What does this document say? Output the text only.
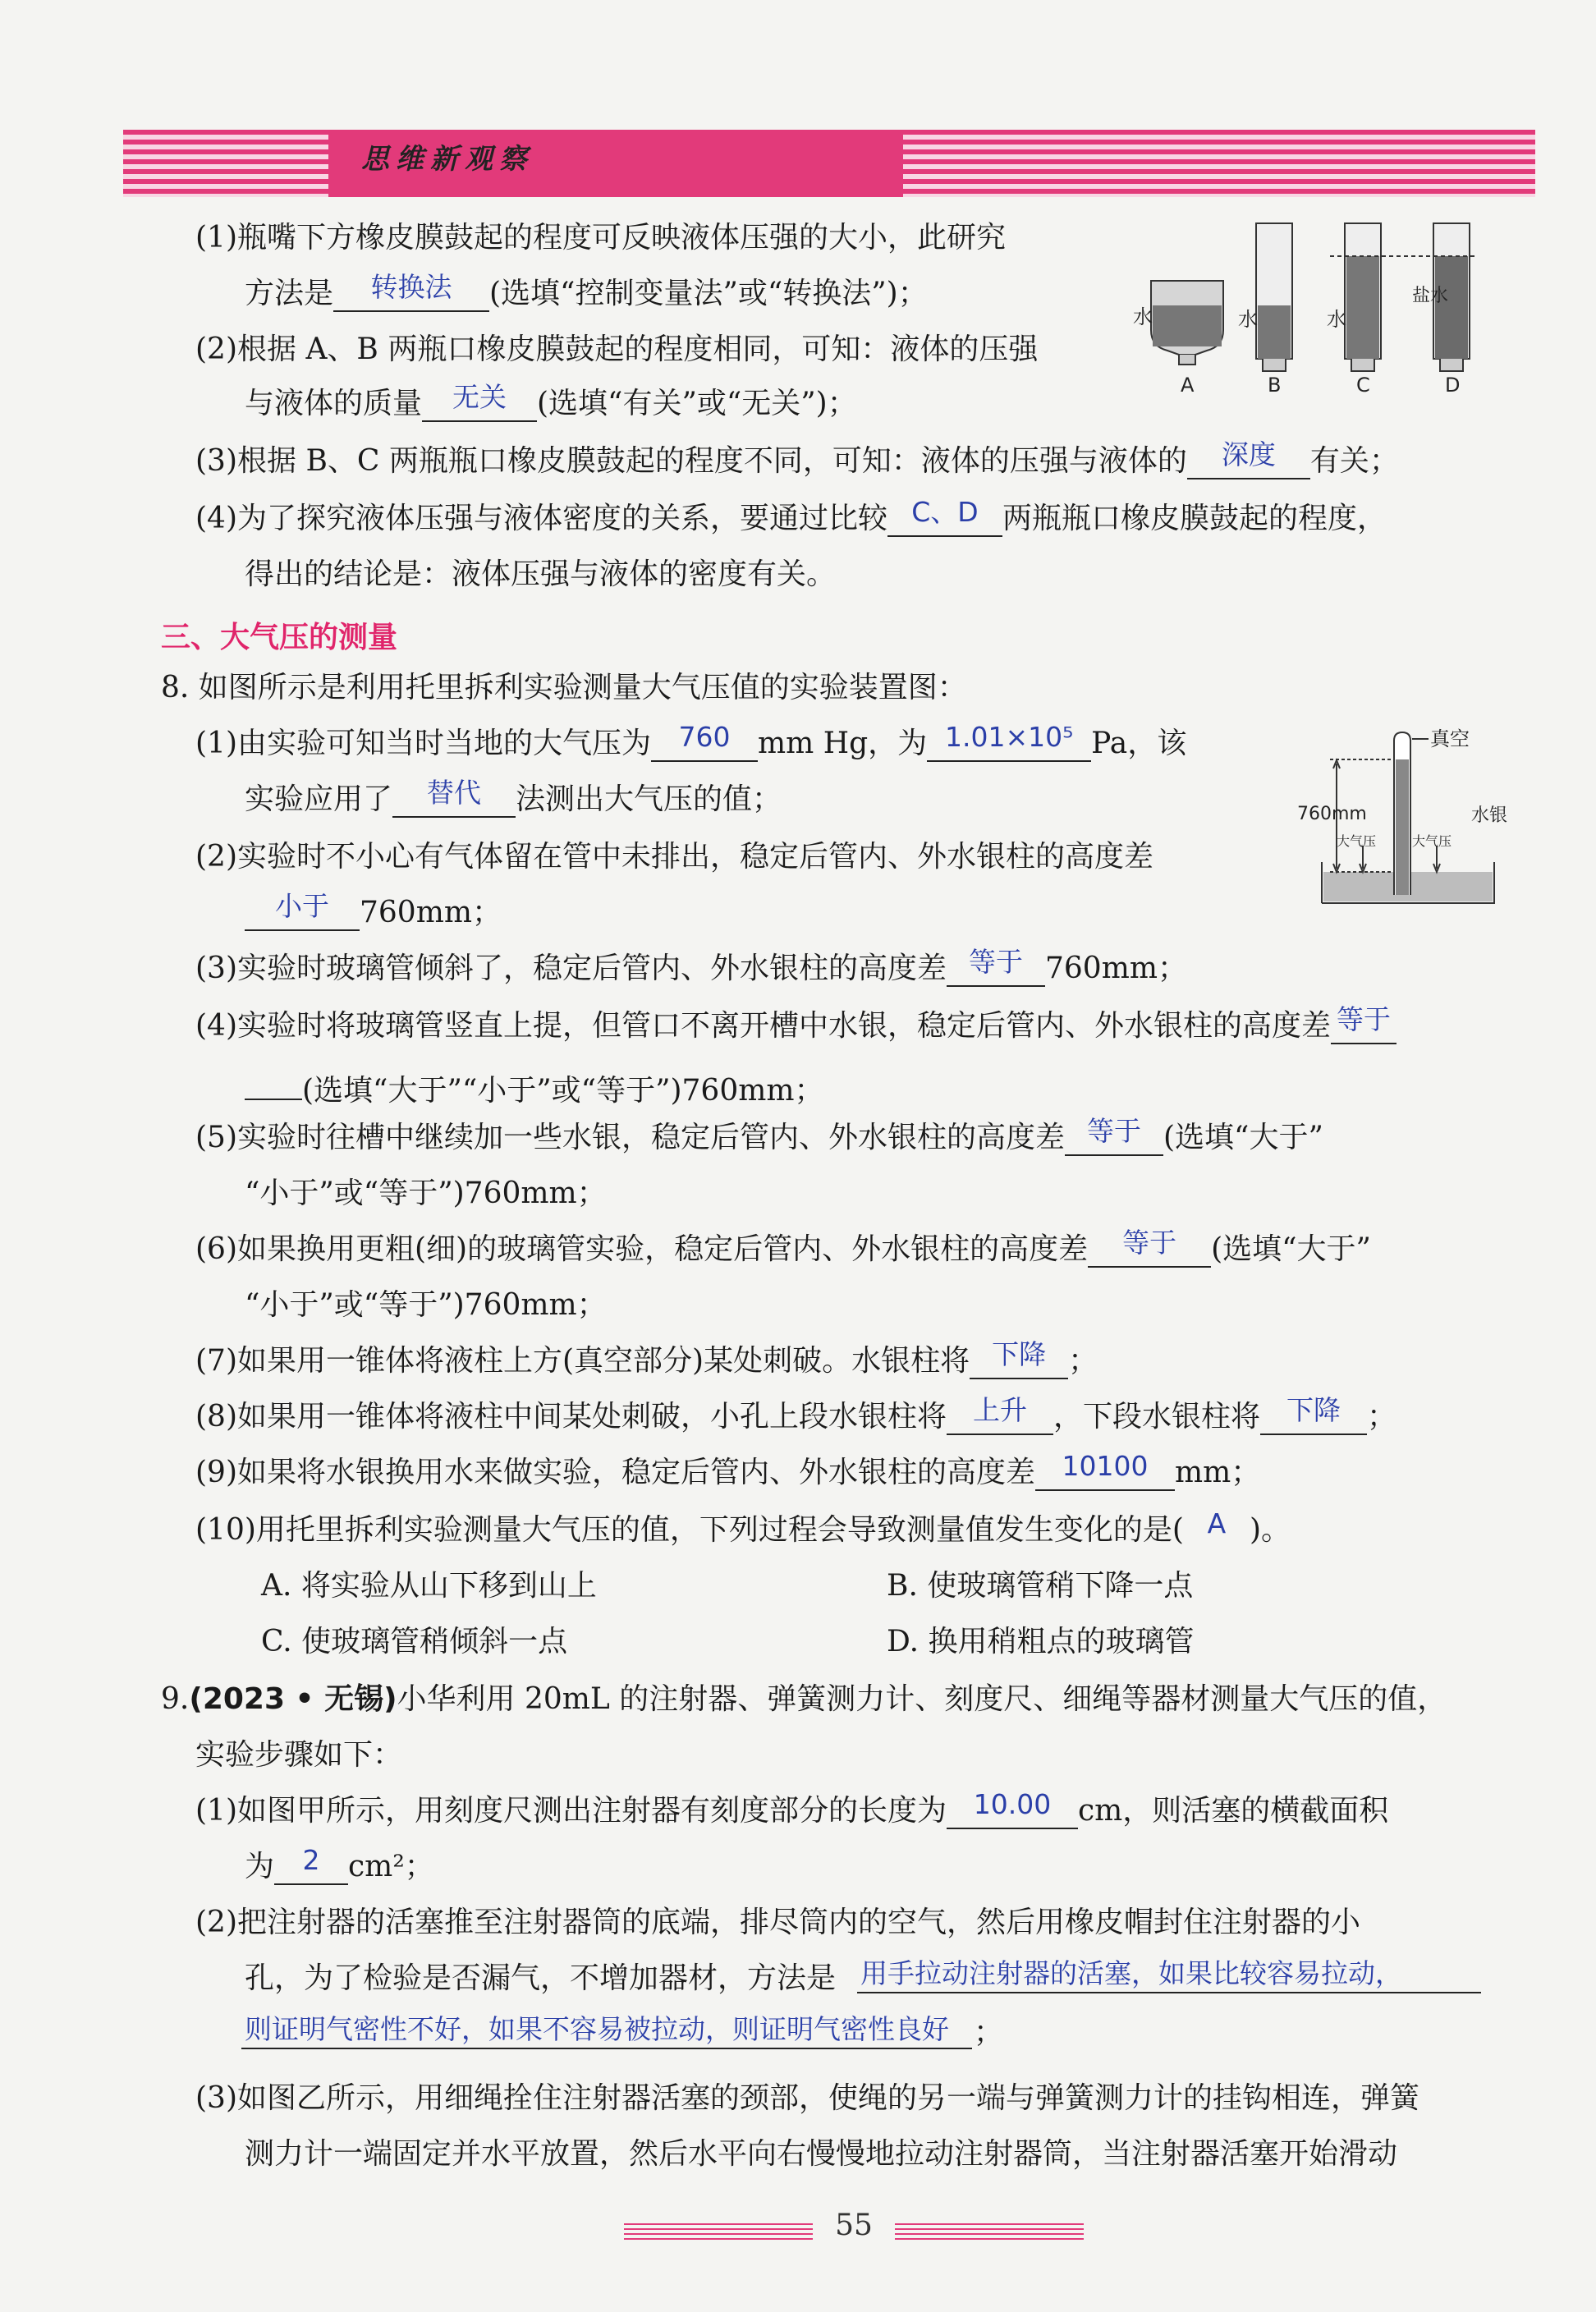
思维新观察
(1)瓶嘴下方橡皮膜鼓起的程度可反映液体压强的大小，此研究
方法是 转换法 (选填“控制变量法”或“转换法”)；
(2)根据 A、B 两瓶口橡皮膜鼓起的程度相同，可知：液体的压强
与液体的质量 无关 (选填“有关”或“无关”)；
(3)根据 B、C 两瓶瓶口橡皮膜鼓起的程度不同，可知：液体的压强与液体的 深度 有关；
(4)为了探究液体压强与液体密度的关系，要通过比较 C、D 两瓶瓶口橡皮膜鼓起的程度，
得出的结论是：液体压强与液体的密度有关。
A	B	C	D
水	水	水
盐水
三、大气压的测量
8. 如图所示是利用托里拆利实验测量大气压值的实验装置图：
(1)由实验可知当时当地的大气压为 760 mm Hg，为 1.01×10⁵ Pa，该
实验应用了 替代 法测出大气压的值；
(2)实验时不小心有气体留在管中未排出，稳定后管内、外水银柱的高度差
小于 760mm；
(3)实验时玻璃管倾斜了，稳定后管内、外水银柱的高度差 等于 760mm；
(4)实验时将玻璃管竖直上提，但管口不离开槽中水银，稳定后管内、外水银柱的高度差 等于
(选填“大于”“小于”或“等于”)760mm；
(5)实验时往槽中继续加一些水银，稳定后管内、外水银柱的高度差 等于 (选填“大于”
“小于”或“等于”)760mm；
(6)如果换用更粗(细)的玻璃管实验，稳定后管内、外水银柱的高度差 等于 (选填“大于”
“小于”或“等于”)760mm；
(7)如果用一锥体将液柱上方(真空部分)某处刺破。水银柱将 下降 ；
(8)如果用一锥体将液柱中间某处刺破，小孔上段水银柱将 上升 ，下段水银柱将 下降 ；
(9)如果将水银换用水来做实验，稳定后管内、外水银柱的高度差 10100 mm；
(10)用托里拆利实验测量大气压的值，下列过程会导致测量值发生变化的是( A )。
A. 将实验从山下移到山上	B. 使玻璃管稍下降一点
C. 使玻璃管稍倾斜一点	D. 换用稍粗点的玻璃管
真空
760mm
大气压	大气压
水银
9.(2023 • 无锡)小华利用 20mL 的注射器、弹簧测力计、刻度尺、细绳等器材测量大气压的值，
实验步骤如下：
(1)如图甲所示，用刻度尺测出注射器有刻度部分的长度为 10.00 cm，则活塞的横截面积
为 2 cm²；
(2)把注射器的活塞推至注射器筒的底端，排尽筒内的空气，然后用橡皮帽封住注射器的小
孔，为了检验是否漏气，不增加器材，方法是 用手拉动注射器的活塞，如果比较容易拉动，
则证明气密性不好，如果不容易被拉动，则证明气密性良好 ；
(3)如图乙所示，用细绳拴住注射器活塞的颈部，使绳的另一端与弹簧测力计的挂钩相连，弹簧
测力计一端固定并水平放置，然后水平向右慢慢地拉动注射器筒，当注射器活塞开始滑动
55
